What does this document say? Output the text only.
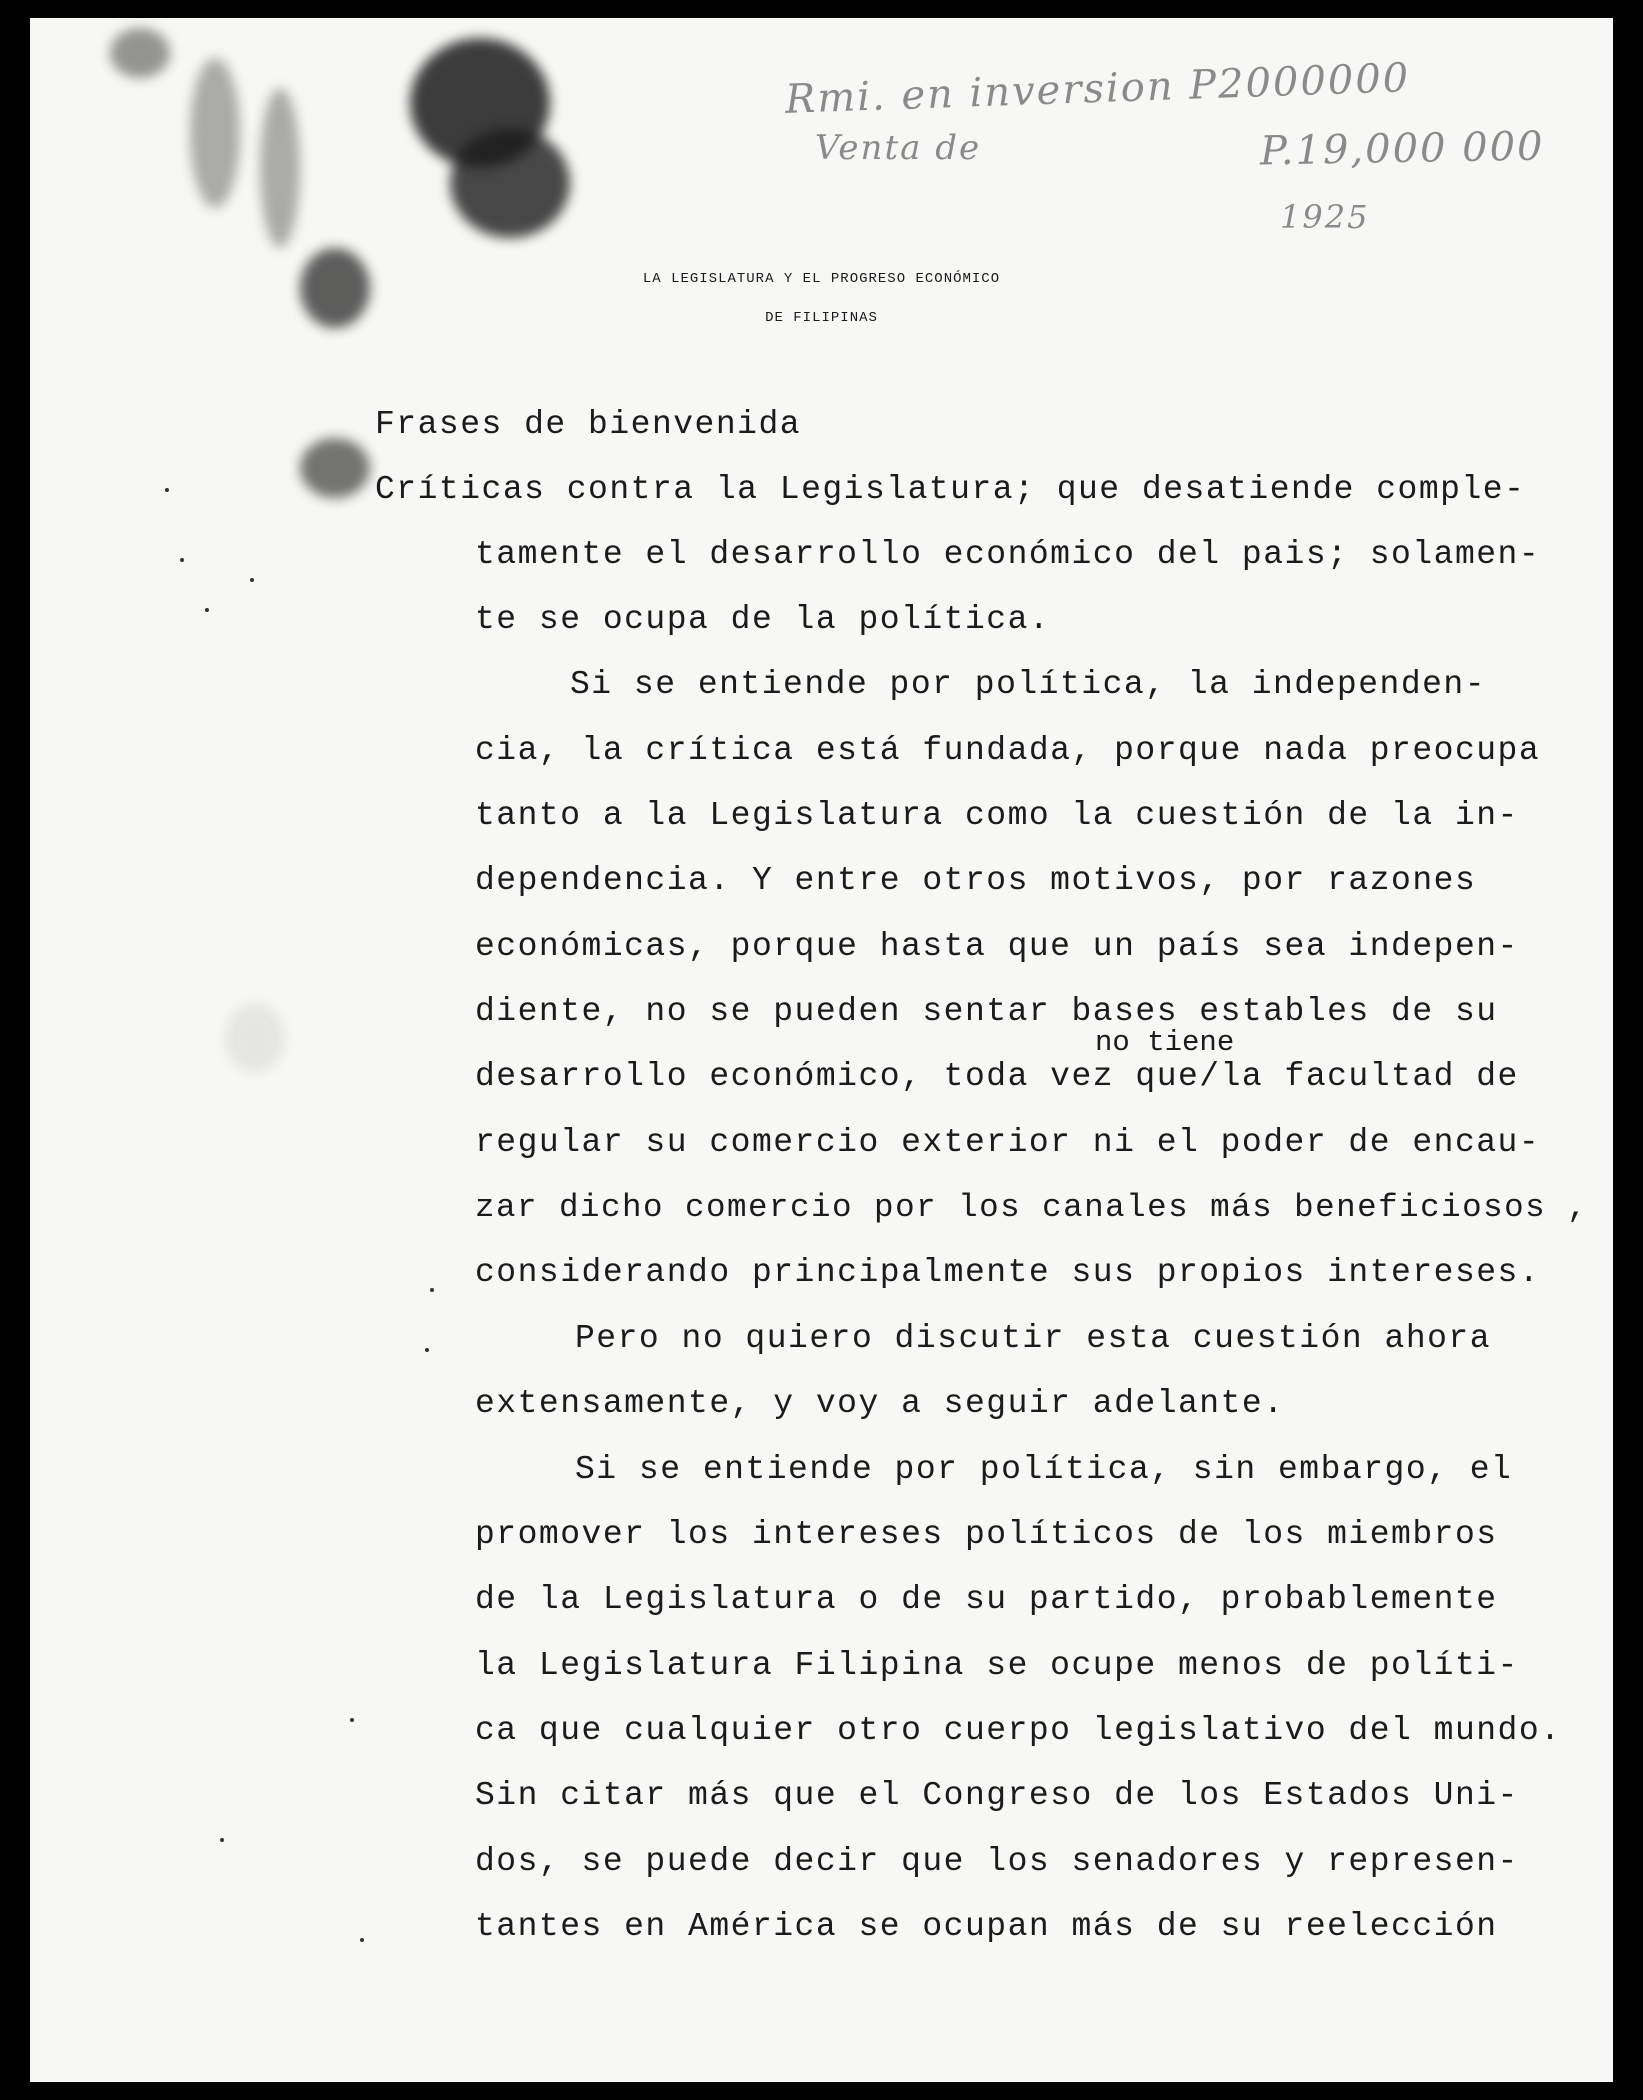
Rmi. en inversion P2000000
Venta de	P.19,000 000
1925
LA LEGISLATURA Y EL PROGRESO ECONÓMICO
DE FILIPINAS
no tiene
Frases de bienvenida
Críticas contra la Legislatura; que desatiende comple-
tamente el desarrollo económico del pais; solamen-
te se ocupa de la política.
Si se entiende por política, la independen-
cia, la crítica está fundada, porque nada preocupa
tanto a la Legislatura como la cuestión de la in-
dependencia. Y entre otros motivos, por razones
económicas, porque hasta que un país sea indepen-
diente, no se pueden sentar bases estables de su
desarrollo económico, toda vez que/la facultad de
regular su comercio exterior ni el poder de encau-
zar dicho comercio por los canales más beneficiosos ,
considerando principalmente sus propios intereses.
Pero no quiero discutir esta cuestión ahora
extensamente, y voy a seguir adelante.
Si se entiende por política, sin embargo, el
promover los intereses políticos de los miembros
de la Legislatura o de su partido, probablemente
la Legislatura Filipina se ocupe menos de políti-
ca que cualquier otro cuerpo legislativo del mundo.
Sin citar más que el Congreso de los Estados Uni-
dos, se puede decir que los senadores y represen-
tantes en América se ocupan más de su reelección
